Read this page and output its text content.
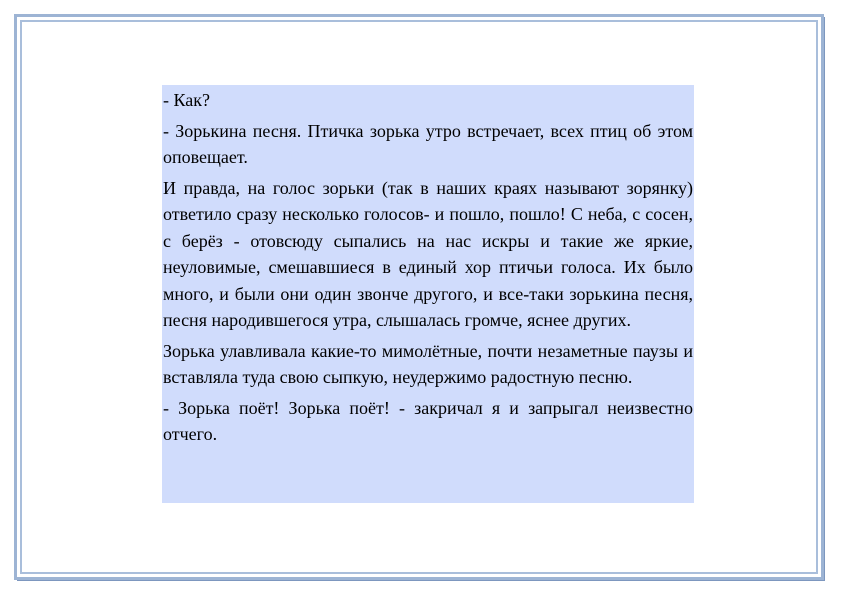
- Как?

- Зорькина песня. Птичка зорька утро встречает, всех птиц об этом оповещает.

И правда, на голос зорьки (так в наших краях называют зорянку) ответило сразу несколько голосов- и пошло, пошло! С неба, с сосен, с берёз - отовсюду сыпались на нас искры и такие же яркие, неуловимые, смешавшиеся в единый хор птичьи голоса. Их было много, и были они один звонче другого, и все-таки зорькина песня, песня народившегося утра, слышалась громче, яснее других.

Зорька улавливала какие-то мимолётные, почти незаметные паузы и вставляла туда свою сыпкую, неудержимо радостную песню.

- Зорька поёт! Зорька поёт! - закричал я и запрыгал неизвестно отчего.
